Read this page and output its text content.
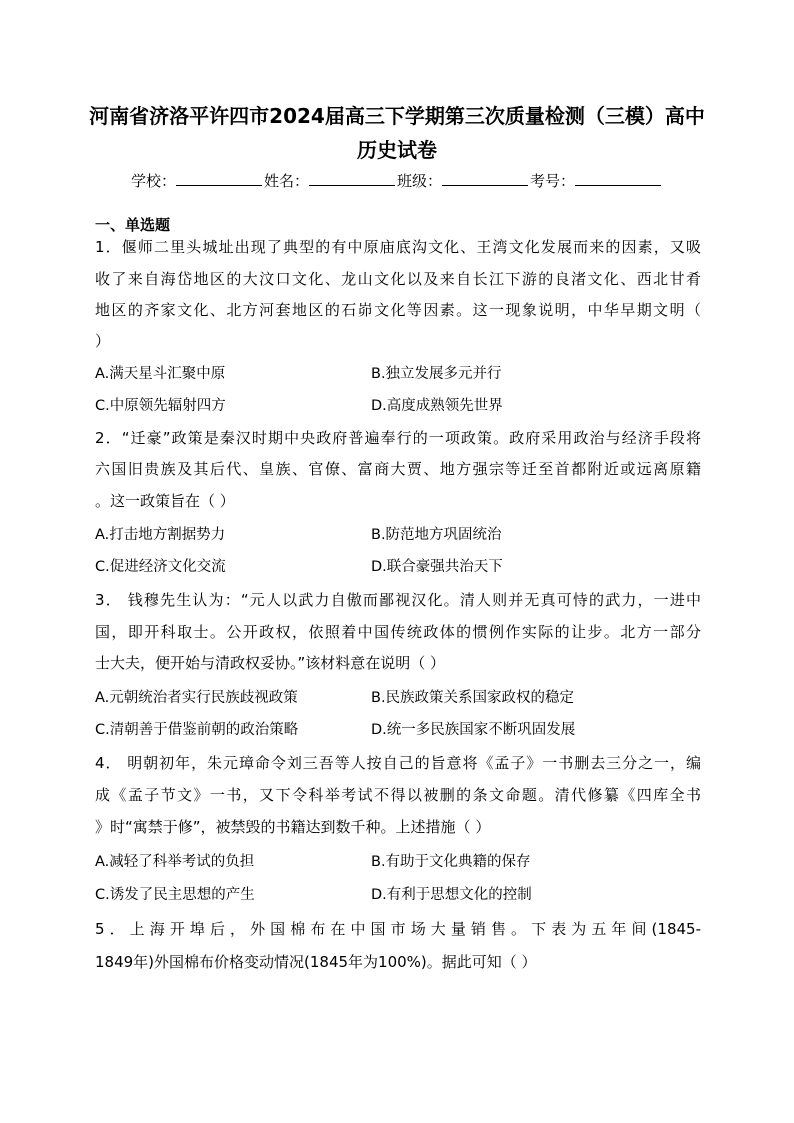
河南省济洛平许四市2024届高三下学期第三次质量检测（三模）高中
历史试卷
学校：	姓名：	班级：	考号：
一、单选题
1．偃师二里头城址出现了典型的有中原庙底沟文化、王湾文化发展而来的因素，又吸
收了来自海岱地区的大汶口文化、龙山文化以及来自长江下游的良渚文化、西北甘肴
地区的齐家文化、北方河套地区的石峁文化等因素。这一现象说明，中华早期文明（
）
A.满天星斗汇聚中原	B.独立发展多元并行
C.中原领先辐射四方	D.高度成熟领先世界
2．“迁豪”政策是秦汉时期中央政府普遍奉行的一项政策。政府采用政治与经济手段将
六国旧贵族及其后代、皇族、官僚、富商大贾、地方强宗等迁至首都附近或远离原籍
。这一政策旨在（ ）
A.打击地方割据势力	B.防范地方巩固统治
C.促进经济文化交流	D.联合豪强共治天下
3． 钱穆先生认为：“元人以武力自傲而鄙视汉化。清人则并无真可恃的武力，一进中
国，即开科取士。公开政权，依照着中国传统政体的惯例作实际的让步。北方一部分
士大夫，便开始与清政权妥协。”该材料意在说明（ ）
A.元朝统治者实行民族歧视政策	B.民族政策关系国家政权的稳定
C.清朝善于借鉴前朝的政治策略	D.统一多民族国家不断巩固发展
4． 明朝初年，朱元璋命令刘三吾等人按自己的旨意将《孟子》一书删去三分之一，编
成《孟子节文》一书，又下令科举考试不得以被删的条文命题。清代修纂《四库全书
》时“寓禁于修”，被禁毁的书籍达到数千种。上述措施（ ）
A.减轻了科举考试的负担	B.有助于文化典籍的保存
C.诱发了民主思想的产生	D.有利于思想文化的控制
5．上海开埠后，外国棉布在中国市场大量销售。下表为五年间(1845-
1849年)外国棉布价格变动情况(1845年为100%)。据此可知（ ）
